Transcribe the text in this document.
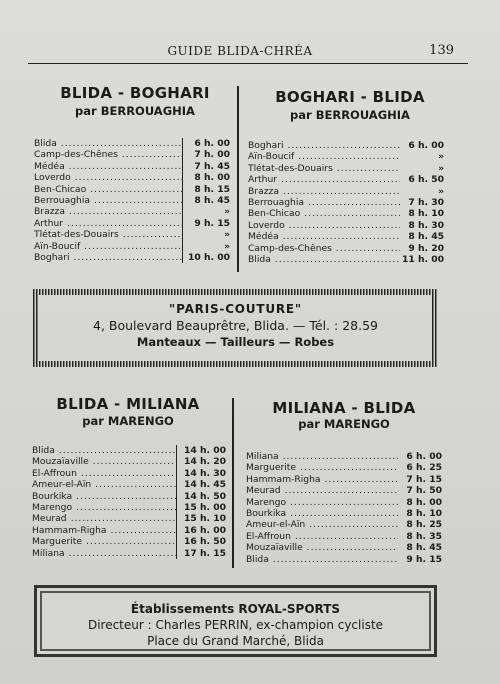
GUIDE BLIDA-CHRÉA	139
BLIDA - BOGHARI
par BERROUAGHIA
Blida .....	6 h. 00
Camp-des-Chênes .....	7 h. 00
Médéa .....	7 h. 45
Loverdo .....	8 h. 00
Ben-Chicao .....	8 h. 15
Berrouaghia .....	8 h. 45
Brazza .....	»
Arthur .....	9 h. 15
Tlétat-des-Douairs .....	»
Aïn-Boucif .....	»
Boghari .....	10 h. 00
BOGHARI - BLIDA
par BERROUAGHIA
Boghari .....	6 h. 00
Aïn-Boucif .....	»
Tlétat-des-Douairs .....	»
Arthur .....	6 h. 50
Brazza .....	»
Berrouaghia .....	7 h. 30
Ben-Chicao .....	8 h. 10
Loverdo .....	8 h. 30
Médéa .....	8 h. 45
Camp-des-Chênes .....	9 h. 20
Blida .....	11 h. 00
"PARIS-COUTURE"
4, Boulevard Beauprêtre, Blida. — Tél. : 28.59
Manteaux — Tailleurs — Robes
BLIDA - MILIANA
par MARENGO
Blida .....	14 h. 00
Mouzaïaville .....	14 h. 20
El-Affroun .....	14 h. 30
Ameur-el-Aïn .....	14 h. 45
Bourkika .....	14 h. 50
Marengo .....	15 h. 00
Meurad .....	15 h. 10
Hammam-Righa .....	16 h. 00
Marguerite .....	16 h. 50
Miliana .....	17 h. 15
MILIANA - BLIDA
par MARENGO
Miliana .....	6 h. 00
Marguerite .....	6 h. 25
Hammam-Righa .....	7 h. 15
Meurad .....	7 h. 50
Marengo .....	8 h. 00
Bourkika .....	8 h. 10
Ameur-el-Aïn .....	8 h. 25
El-Affroun .....	8 h. 35
Mouzaïaville .....	8 h. 45
Blida .....	9 h. 15
Établissements ROYAL-SPORTS
Directeur : Charles PERRIN, ex-champion cycliste
Place du Grand Marché, Blida
